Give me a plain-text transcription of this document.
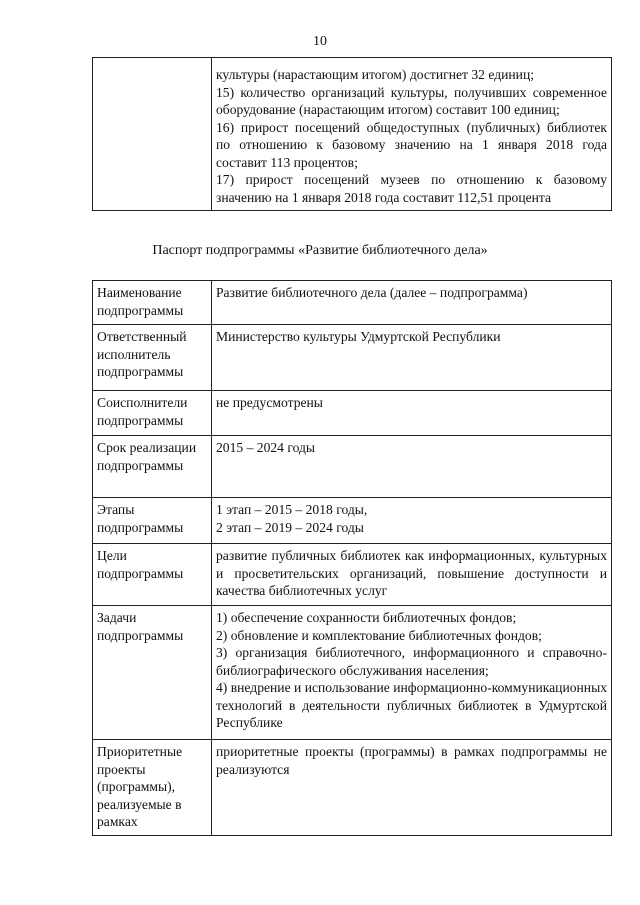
10

культуры (нарастающим итогом) достигнет 32 единиц;
15) количество организаций культуры, получивших современное оборудование (нарастающим итогом) составит 100 единиц;
16) прирост посещений общедоступных (публичных) библиотек по отношению к базовому значению на 1 января 2018 года составит 113 процентов;
17) прирост посещений музеев по отношению к базовому значению на 1 января 2018 года составит 112,51 процента
Паспорт подпрограммы «Развитие библиотечного дела»
Наименование подпрограммы	Развитие библиотечного дела (далее – подпрограмма)

Ответственный исполнитель подпрограммы	Министерство культуры Удмуртской Республики

Соисполнители подпрограммы	не предусмотрены

Срок реализации подпрограммы	2015 – 2024 годы

Этапы подпрограммы	1 этап – 2015 – 2018 годы,
2 этап – 2019 – 2024 годы

Цели подпрограммы	развитие публичных библиотек как информационных, культурных и просветительских организаций, повышение доступности и качества библиотечных услуг

Задачи подпрограммы	1) обеспечение сохранности библиотечных фондов;
2) обновление и комплектование библиотечных фондов;
3) организация библиотечного, информационного и справочно-библиографического обслуживания населения;
4) внедрение и использование информационно-коммуникационных технологий в деятельности публичных библиотек в Удмуртской Республике

Приоритетные проекты (программы), реализуемые в рамках	приоритетные проекты (программы) в рамках подпрограммы не реализуются
